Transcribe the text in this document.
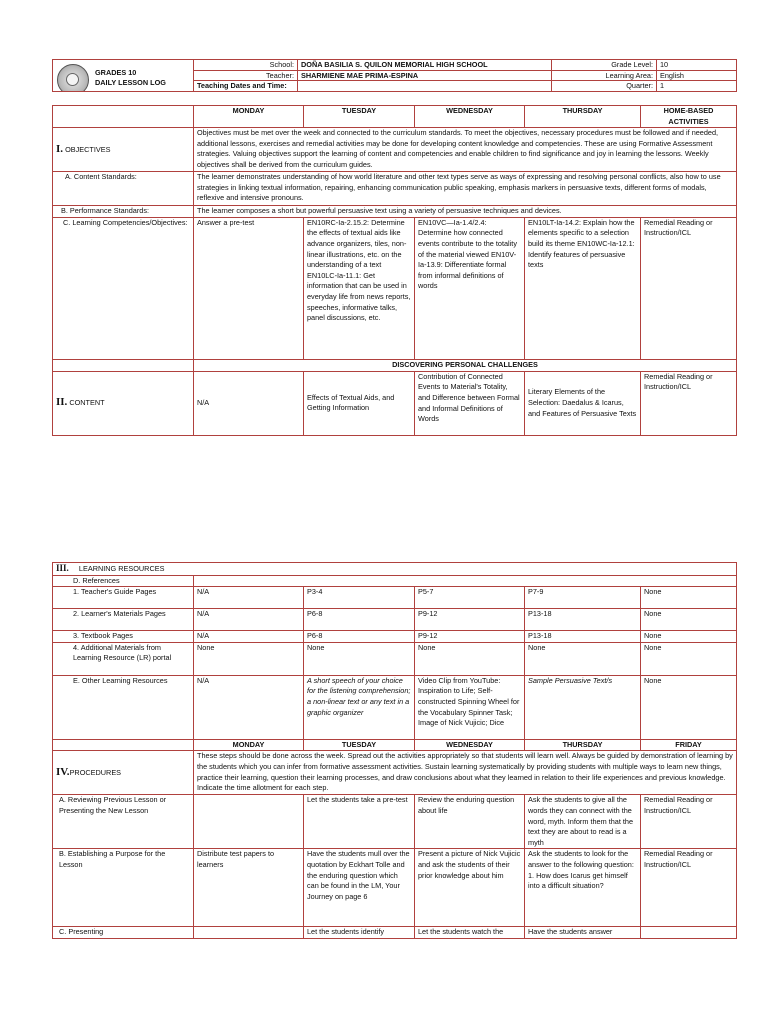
GRADES 10
DAILY LESSON LOG	School:	DOÑA BASILIA S. QUILON MEMORIAL HIGH SCHOOL	Grade Level:	10
	Teacher:	SHARMIENE MAE PRIMA-ESPINA	Learning Area:	English
	Teaching Dates and Time:		Quarter:	1
	MONDAY	TUESDAY	WEDNESDAY	THURSDAY	HOME-BASED ACTIVITIES
I. OBJECTIVES	Objectives must be met over the week and connected to the curriculum standards. To meet the objectives, necessary procedures must be followed and if needed, additional lessons, exercises and remedial activities may be done for developing content knowledge and competencies. These are using Formative Assessment strategies. Valuing objectives support the learning of content and competencies and enable children to find significance and joy in learning the lessons. Weekly objectives shall be derived from the curriculum guides.				
A. Content Standards:	The learner demonstrates understanding of how world literature and other text types serve as ways of expressing and resolving personal conflicts, also how to use strategies in linking textual information, repairing, enhancing communication public speaking, emphasis markers in persuasive texts, different forms of modals, reflexive and intensive pronouns.				
B. Performance Standards:	The learner composes a short but powerful persuasive text using a variety of persuasive techniques and devices.				
C. Learning Competencies/Objectives:	Answer a pre-test	EN10RC-Ia-2.15.2: Determine the effects of textual aids like advance organizers, tiles, non-linear illustrations, etc. on the understanding of a text EN10LC-Ia-11.1: Get information that can be used in everyday life from news reports, speeches, informative talks, panel discussions, etc.	EN10VC—Ia-1.4/2.4: Determine how connected events contribute to the totality of the material viewed EN10V-Ia-13.9: Differentiate formal from informal definitions of words	EN10LT-Ia-14.2: Explain how the elements specific to a selection build its theme EN10WC-Ia-12.1: Identify features of persuasive texts	Remedial Reading or Instruction/ICL
	DISCOVERING PERSONAL CHALLENGES				
II. CONTENT	N/A	Effects of Textual Aids, and Getting Information	Contribution of Connected Events to Material's Totality, and Difference between Formal and Informal Definitions of Words	Literary Elements of the Selection: Daedalus & Icarus, and Features of Persuasive Texts	Remedial Reading or Instruction/ICL
III. LEARNING RESOURCES					
D. References					
1. Teacher's Guide Pages	N/A	P3-4	P5-7	P7-9	None
2. Learner's Materials Pages	N/A	P6-8	P9-12	P13-18	None
3. Textbook Pages	N/A	P6-8	P9-12	P13-18	None
4. Additional Materials from Learning Resource (LR) portal	None	None	None	None	None
E. Other Learning Resources	N/A	A short speech of your choice for the listening comprehension; a non-linear text or any text in a graphic organizer	Video Clip from YouTube: Inspiration to Life; Self-constructed Spinning Wheel for the Vocabulary Spinner Task; Image of Nick Vujicic; Dice	Sample Persuasive Text/s	None
	MONDAY	TUESDAY	WEDNESDAY	THURSDAY	FRIDAY
IV.PROCEDURES	These steps should be done across the week. Spread out the activities appropriately so that students will learn well. Always be guided by demonstration of learning by the students which you can infer from formative assessment activities. Sustain learning systematically by providing students with multiple ways to learn new things, practice their learning, question their learning processes, and draw conclusions about what they learned in relation to their life experiences and previous knowledge. Indicate the time allotment for each step.				
A. Reviewing Previous Lesson or Presenting the New Lesson		Let the students take a pre-test	Review the enduring question about life	Ask the students to give all the words they can connect with the word, myth. Inform them that the text they are about to read is a myth	Remedial Reading or Instruction/ICL
B. Establishing a Purpose for the Lesson	Distribute test papers to learners	Have the students mull over the quotation by Eckhart Tolle and the enduring question which can be found in the LM, Your Journey on page 6	Present a picture of Nick Vujicic and ask the students of their prior knowledge about him	Ask the students to look for the answer to the following question: 1. How does Icarus get himself into a difficult situation?	Remedial Reading or Instruction/ICL
C. Presenting		Let the students identify	Let the students watch the	Have the students answer	
